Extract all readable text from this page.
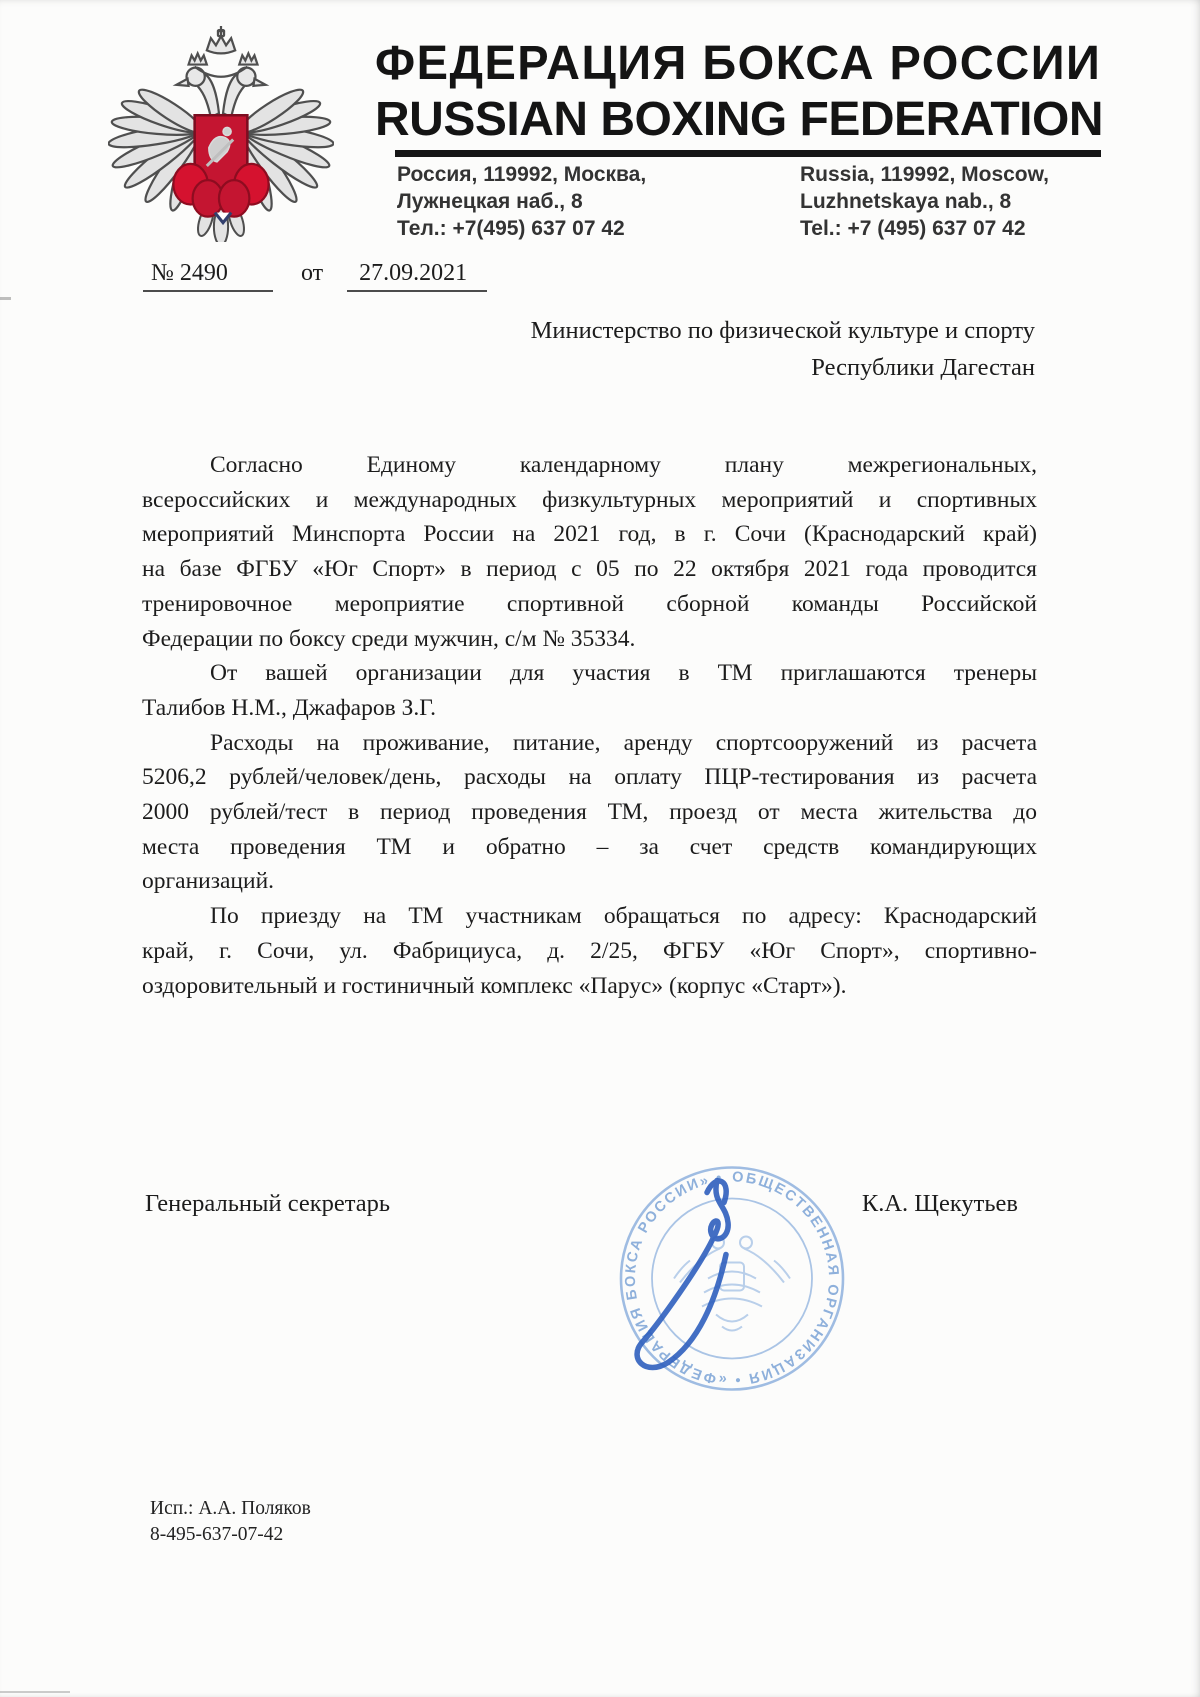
ФЕДЕРАЦИЯ БОКСА РОССИИ
RUSSIAN BOXING FEDERATION
Россия, 119992, Москва,
Лужнецкая наб., 8
Тел.: +7(495) 637 07 42
Russia, 119992, Moscow,
Luzhnetskaya nab., 8
Tel.: +7 (495) 637 07 42
№ 2490	от 27.09.2021
Министерство по физической культуре и спорту
Республики Дагестан
Согласно Единому календарному плану межрегиональных,
всероссийских и международных физкультурных мероприятий и спортивных
мероприятий Минспорта России на 2021 год, в г. Сочи (Краснодарский край)
на базе ФГБУ «Юг Спорт» в период с 05 по 22 октября 2021 года проводится
тренировочное мероприятие спортивной сборной команды Российской
Федерации по боксу среди мужчин, с/м № 35334.
От вашей организации для участия в ТМ приглашаются тренеры
Талибов Н.М., Джафаров З.Г.
Расходы на проживание, питание, аренду спортсооружений из расчета
5206,2 рублей/человек/день, расходы на оплату ПЦР-тестирования из расчета
2000 рублей/тест в период проведения ТМ, проезд от места жительства до
места проведения ТМ и обратно – за счет средств командирующих
организаций.
По приезду на ТМ участникам обращаться по адресу: Краснодарский
край, г. Сочи, ул. Фабрициуса, д. 2/25, ФГБУ «Юг Спорт», спортивно-
оздоровительный и гостиничный комплекс «Парус» (корпус «Старт»).
Генеральный секретарь	К.А. Щекутьев
ОБЩЕСТВЕННАЯ ОРГАНИЗАЦИЯ • «ФЕДЕРАЦИЯ БОКСА РОССИИ» •
Исп.: А.А. Поляков
8-495-637-07-42
